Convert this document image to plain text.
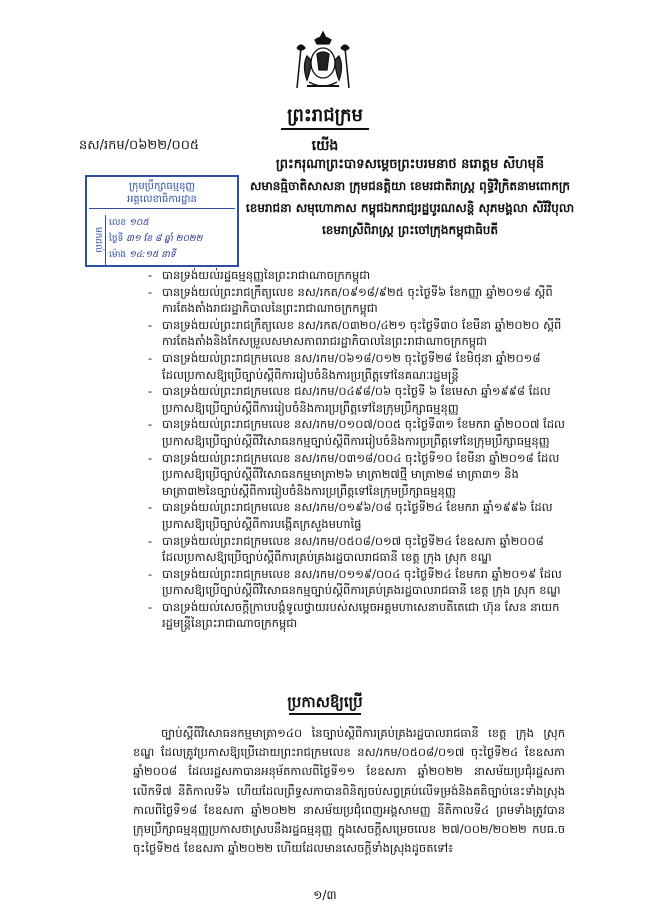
ព្រះរាជក្រម
នស/រកម/០៦២២/០០៥	យើង
ព្រះករុណាព្រះបាទសម្តេចព្រះបរមនាថ នរោត្តម សីហមុនី
សមានធ្មិចាតិសាសនា ក្រុមជនត្តិយា ខេមរជាតិរាស្ត្រ ពុទ្ធិវិក្រិតនាមពោកក្រ
ខេមរាជនា សមុហោភាស កម្ពុជឯករាជ្យរដ្ឋបូរណសន្តិ សុភមង្គលា សិរីវិបុលា
ខេមរាស្រីពិរាស្ត្រ ព្រះចៅក្រុងកម្ពុជាធិបតី
ក្រុមប្រឹក្សាធម្មនុញ្ញ
អគ្គលេខាធិការដ្ឋាន
មកដល់
លេខ ១០៥
ថ្ងៃទី ៣១ ខែ ៨ ឆ្នាំ ២០២២
ម៉ោង ១៤:១៥ នាទី
- បានទ្រង់យល់រដ្ឋធម្មនុញ្ញនៃព្រះរាជាណាចក្រកម្ពុជា
- បានទ្រង់យល់ព្រះរាជក្រឹត្យលេខ នស/រកត/០៩១៨/៩២៥ ចុះថ្ងៃទី៦ ខែកញ្ញា ឆ្នាំ២០១៨ ស្តីពីការតែងតាំងរាជរដ្ឋាភិបាលនៃព្រះរាជាណាចក្រកម្ពុជា
- បានទ្រង់យល់ព្រះរាជក្រឹត្យលេខ នស/រកត/០៣២០/៤២១ ចុះថ្ងៃទី៣០ ខែមីនា ឆ្នាំ២០២០ ស្តីពីការតែងតាំងនិងកែសម្រួលសមាសភាពរាជរដ្ឋាភិបាលនៃព្រះរាជាណាចក្រកម្ពុជា
- បានទ្រង់យល់ព្រះរាជក្រមលេខ នស/រកម/០៦១៨/០១២ ចុះថ្ងៃទី២៨ ខែមិថុនា ឆ្នាំ២០១៨ ដែលប្រកាសឱ្យប្រើច្បាប់ស្តីពីការរៀបចំនិងការប្រព្រឹត្តទៅនៃគណៈរដ្ឋមន្ត្រី
- បានទ្រង់យល់ព្រះរាជក្រមលេខ ជស/រកម/០៤៩៨/០៦ ចុះថ្ងៃទី ៦ ខែមេសា ឆ្នាំ១៩៩៨ ដែលប្រកាសឱ្យប្រើច្បាប់ស្តីពីការរៀបចំនិងការប្រព្រឹត្តទៅនៃក្រុមប្រឹក្សាធម្មនុញ្ញ
- បានទ្រង់យល់ព្រះរាជក្រមលេខ នស/រកម/០១០៧/០០៥ ចុះថ្ងៃទី៣១ ខែមករា ឆ្នាំ២០០៧ ដែលប្រកាសឱ្យប្រើច្បាប់ស្តីពីវិសោធនកម្មច្បាប់ស្តីពីការរៀបចំនិងការប្រព្រឹត្តទៅនៃក្រុមប្រឹក្សាធម្មនុញ្ញ
- បានទ្រង់យល់ព្រះរាជក្រមលេខ នស/រកម/០៣១៨/០០៤ ចុះថ្ងៃទី១០ ខែមីនា ឆ្នាំ២០១៨ ដែលប្រកាសឱ្យប្រើច្បាប់ស្តីពីវិសោធនកម្មមាត្រា២៦ មាត្រា២៧ថ្មី មាត្រា២៨ មាត្រា៣១ និងមាត្រា៣២នៃច្បាប់ស្តីពីការរៀបចំនិងការប្រព្រឹត្តទៅនៃក្រុមប្រឹក្សាធម្មនុញ្ញ
- បានទ្រង់យល់ព្រះរាជក្រមលេខ នស/រកម/០១៩៦/០៨ ចុះថ្ងៃទី២៤ ខែមករា ឆ្នាំ១៩៩៦ ដែលប្រកាសឱ្យប្រើច្បាប់ស្តីពីការបង្កើតក្រសួងមហាផ្ទៃ
- បានទ្រង់យល់ព្រះរាជក្រមលេខ នស/រកម/០៥០៨/០១៧ ចុះថ្ងៃទី២៤ ខែឧសភា ឆ្នាំ២០០៨ ដែលប្រកាសឱ្យប្រើច្បាប់ស្តីពីការគ្រប់គ្រងរដ្ឋបាលរាជធានី ខេត្ត ក្រុង ស្រុក ខណ្ឌ
- បានទ្រង់យល់ព្រះរាជក្រមលេខ នស/រកម/០១១៩/០០៤ ចុះថ្ងៃទី២៤ ខែមករា ឆ្នាំ២០១៩ ដែលប្រកាសឱ្យប្រើច្បាប់ស្តីពីវិសោធនកម្មច្បាប់ស្តីពីការគ្រប់គ្រងរដ្ឋបាលរាជធានី ខេត្ត ក្រុង ស្រុក ខណ្ឌ
- បានទ្រង់យល់សេចក្តីក្រាបបង្គំទូលថ្វាយរបស់សម្តេចអគ្គមហាសេនាបតីតេជោ ហ៊ុន សែន នាយករដ្ឋមន្ត្រីនៃព្រះរាជាណាចក្រកម្ពុជា
ប្រកាសឱ្យប្រើ
ច្បាប់ស្តីពីវិសោធនកម្មមាត្រា១៤០ នៃច្បាប់ស្តីពីការគ្រប់គ្រងរដ្ឋបាលរាជធានី ខេត្ត ក្រុង ស្រុក ខណ្ឌ ដែលត្រូវប្រកាសឱ្យប្រើដោយព្រះរាជក្រមលេខ នស/រកម/០៥០៨/០១៧ ចុះថ្ងៃទី២៤ ខែឧសភា ឆ្នាំ២០០៨ ដែលរដ្ឋសភាបានអនុម័តកាលពីថ្ងៃទី១១ ខែឧសភា ឆ្នាំ២០២២ នាសម័យប្រជុំរដ្ឋសភាលើកទី៧ នីតិកាលទី៦ ហើយដែលព្រឹទ្ធសភាបានពិនិត្យចប់សព្វគ្រប់លើទម្រង់និងគតិច្បាប់នេះទាំងស្រុង កាលពីថ្ងៃទី១៨ ខែឧសភា ឆ្នាំ២០២២ នាសម័យប្រជុំពេញអង្គសាមញ្ញ នីតិកាលទី៤ ព្រមទាំងត្រូវបានក្រុមប្រឹក្សាធម្មនុញ្ញប្រកាសថាស្របនឹងរដ្ឋធម្មនុញ្ញ ក្នុងសេចក្តីសម្រេចលេខ ២៧/០០២/២០២២ កបធ.ច ចុះថ្ងៃទី២៥ ខែឧសភា ឆ្នាំ២០២២ ហើយដែលមានសេចក្តីទាំងស្រុងដូចតទៅ៖
១/៣
